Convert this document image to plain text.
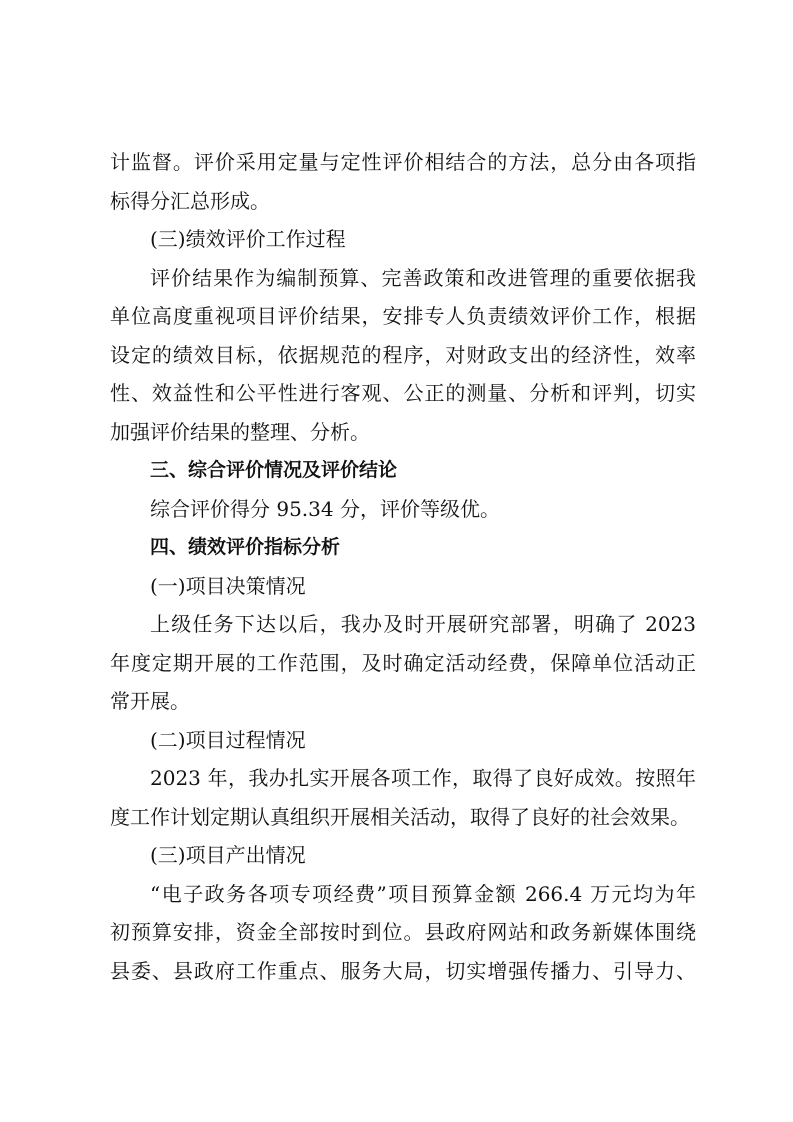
计监督。评价采用定量与定性评价相结合的方法，总分由各项指
标得分汇总形成。
(三)绩效评价工作过程
评价结果作为编制预算、完善政策和改进管理的重要依据我
单位高度重视项目评价结果，安排专人负责绩效评价工作，根据
设定的绩效目标，依据规范的程序，对财政支出的经济性，效率
性、效益性和公平性进行客观、公正的测量、分析和评判，切实
加强评价结果的整理、分析。
三、综合评价情况及评价结论
综合评价得分 95.34 分，评价等级优。
四、绩效评价指标分析
(一)项目决策情况
上级任务下达以后，我办及时开展研究部署，明确了 2023
年度定期开展的工作范围，及时确定活动经费，保障单位活动正
常开展。
(二)项目过程情况
2023 年，我办扎实开展各项工作，取得了良好成效。按照年
度工作计划定期认真组织开展相关活动，取得了良好的社会效果。
(三)项目产出情况
“电子政务各项专项经费”项目预算金额 266.4 万元均为年
初预算安排，资金全部按时到位。县政府网站和政务新媒体围绕
县委、县政府工作重点、服务大局，切实增强传播力、引导力、
